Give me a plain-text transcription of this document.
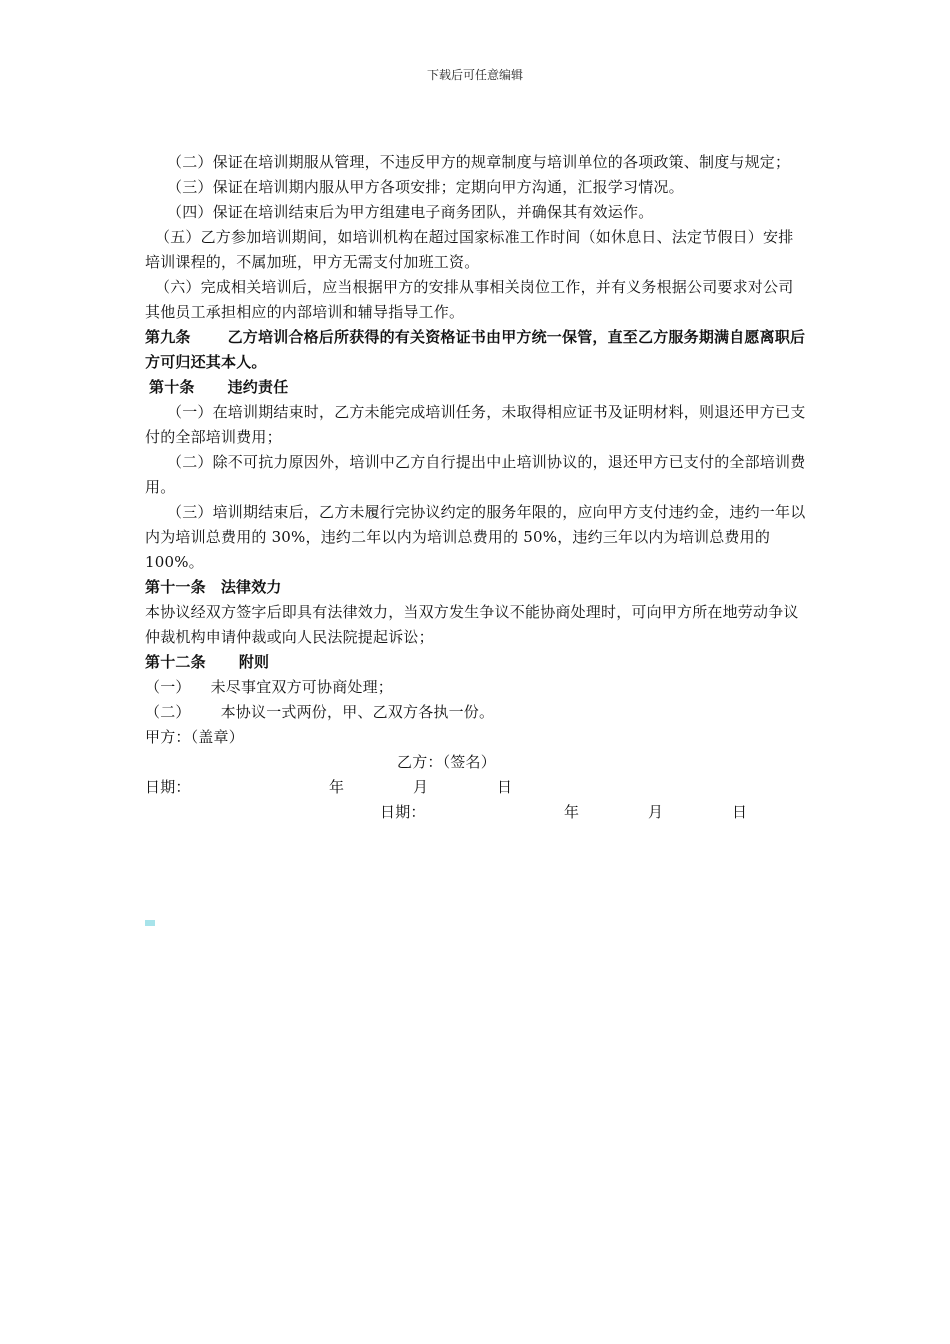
下载后可任意编辑

（二）保证在培训期服从管理，不违反甲方的规章制度与培训单位的各项政策、制度与规定；

（三）保证在培训期内服从甲方各项安排；定期向甲方沟通，汇报学习情况。

（四）保证在培训结束后为甲方组建电子商务团队，并确保其有效运作。

（五）乙方参加培训期间，如培训机构在超过国家标准工作时间（如休息日、法定节假日）安排培训课程的，不属加班，甲方无需支付加班工资。

（六）完成相关培训后，应当根据甲方的安排从事相关岗位工作，并有义务根据公司要求对公司其他员工承担相应的内部培训和辅导指导工作。

第九条 乙方培训合格后所获得的有关资格证书由甲方统一保管，直至乙方服务期满自愿离职后方可归还其本人。

第十条 违约责任

（一）在培训期结束时，乙方未能完成培训任务，未取得相应证书及证明材料，则退还甲方已支付的全部培训费用；

（二）除不可抗力原因外，培训中乙方自行提出中止培训协议的，退还甲方已支付的全部培训费用。

（三）培训期结束后，乙方未履行完协议约定的服务年限的，应向甲方支付违约金，违约一年以内为培训总费用的 30%，违约二年以内为培训总费用的 50%，违约三年以内为培训总费用的 100%。

第十一条 法律效力

本协议经双方签字后即具有法律效力，当双方发生争议不能协商处理时，可向甲方所在地劳动争议仲裁机构申请仲裁或向人民法院提起诉讼；

第十二条 附则

（一） 未尽事宜双方可协商处理；

（二） 本协议一式两份，甲、乙双方各执一份。

甲方：（盖章）

乙方：（签名）
日期：	年	月	日
日期：	年	月	日
